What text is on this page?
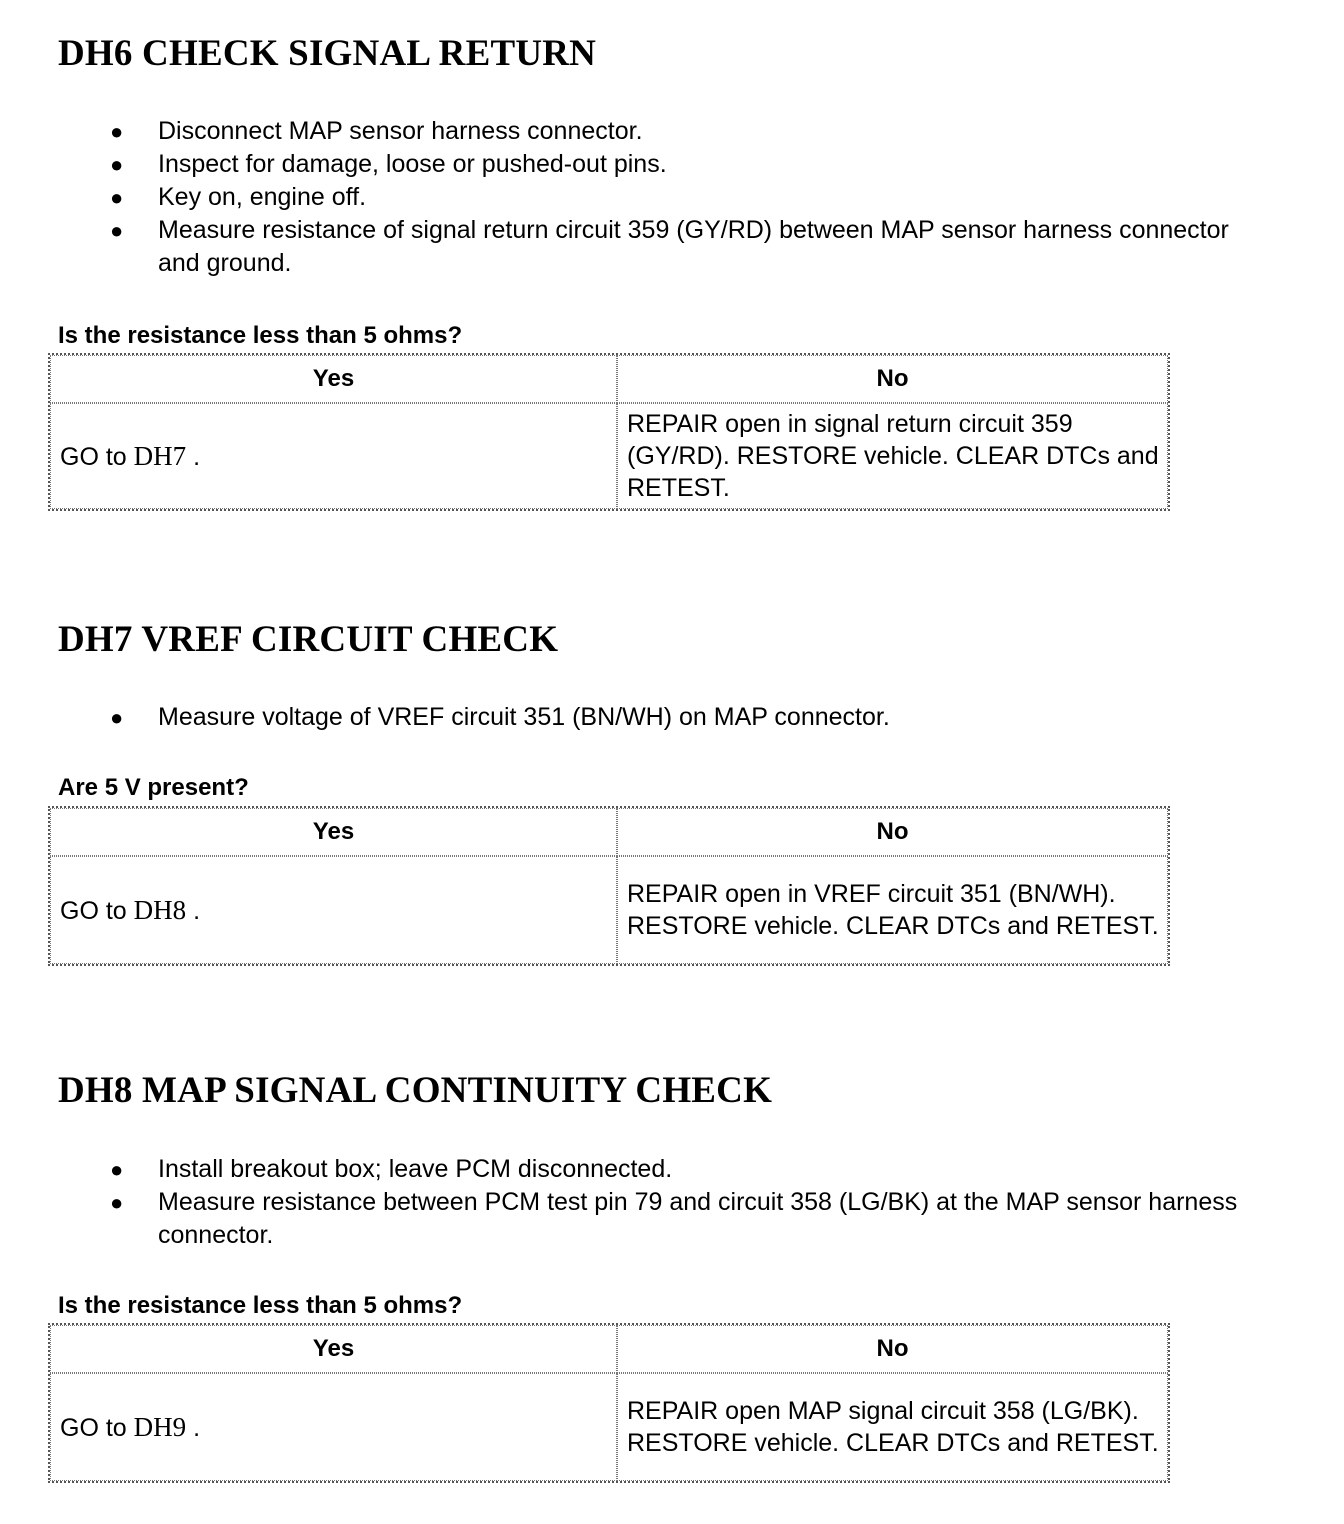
DH6 CHECK SIGNAL RETURN
● Disconnect MAP sensor harness connector.
● Inspect for damage, loose or pushed-out pins.
● Key on, engine off.
● Measure resistance of signal return circuit 359 (GY/RD) between MAP sensor harness connector and ground.

Is the resistance less than 5 ohms?

Yes	No
GO to DH7 .	REPAIR open in signal return circuit 359 (GY/RD). RESTORE vehicle. CLEAR DTCs and RETEST.
DH7 VREF CIRCUIT CHECK
● Measure voltage of VREF circuit 351 (BN/WH) on MAP connector.

Are 5 V present?

Yes	No
GO to DH8 .	REPAIR open in VREF circuit 351 (BN/WH). RESTORE vehicle. CLEAR DTCs and RETEST.
DH8 MAP SIGNAL CONTINUITY CHECK
● Install breakout box; leave PCM disconnected.
● Measure resistance between PCM test pin 79 and circuit 358 (LG/BK) at the MAP sensor harness connector.

Is the resistance less than 5 ohms?

Yes	No
GO to DH9 .	REPAIR open MAP signal circuit 358 (LG/BK). RESTORE vehicle. CLEAR DTCs and RETEST.
